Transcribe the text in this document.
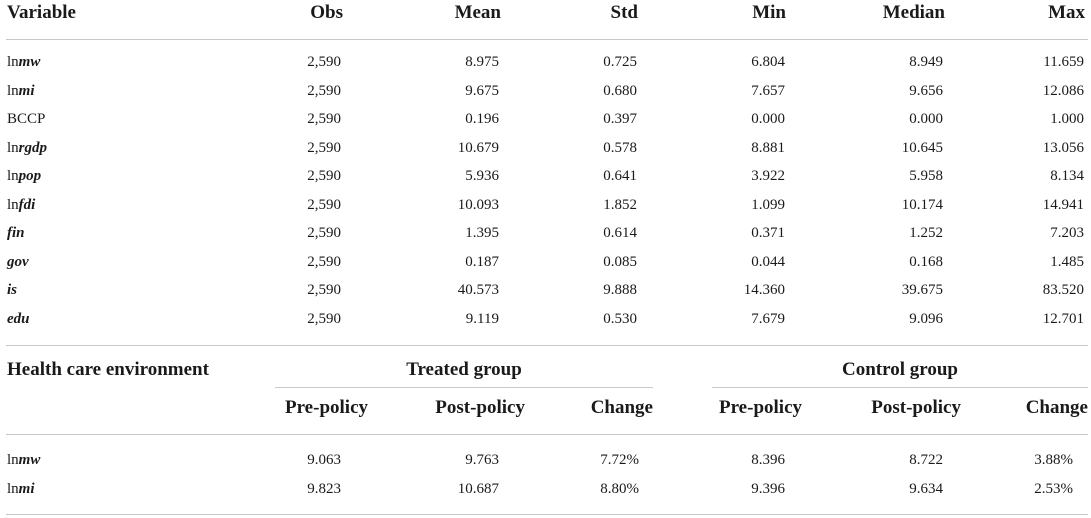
Variable	Obs	Mean	Std	Min	Median	Max
lnmw	2,590	8.975	0.725	6.804	8.949	11.659
lnmi	2,590	9.675	0.680	7.657	9.656	12.086
BCCP	2,590	0.196	0.397	0.000	0.000	1.000
lnrgdp	2,590	10.679	0.578	8.881	10.645	13.056
lnpop	2,590	5.936	0.641	3.922	5.958	8.134
lnfdi	2,590	10.093	1.852	1.099	10.174	14.941
fin	2,590	1.395	0.614	0.371	1.252	7.203
gov	2,590	0.187	0.085	0.044	0.168	1.485
is	2,590	40.573	9.888	14.360	39.675	83.520
edu	2,590	9.119	0.530	7.679	9.096	12.701
Health care environment	Treated group	Control group
Pre-policy	Post-policy	Change	Pre-policy	Post-policy	Change
lnmw	9.063	9.763	7.72%	8.396	8.722	3.88%
lnmi	9.823	10.687	8.80%	9.396	9.634	2.53%
